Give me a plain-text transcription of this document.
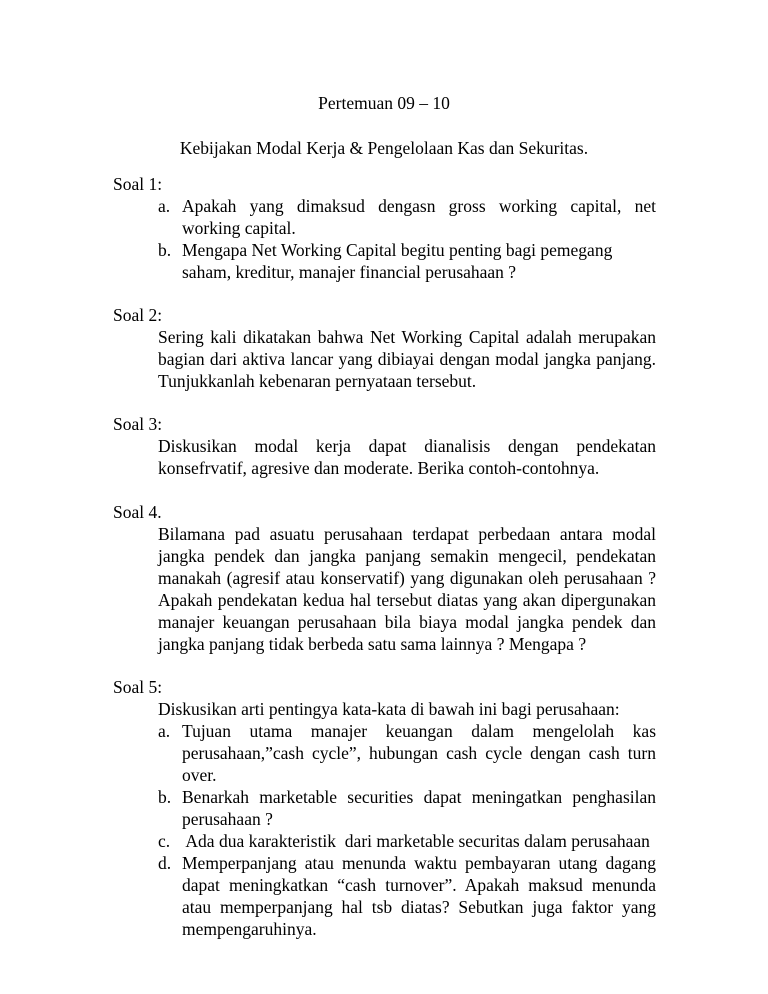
Pertemuan 09 – 10
Kebijakan Modal Kerja & Pengelolaan Kas dan Sekuritas.
Soal 1:
a. Apakah yang dimaksud dengasn gross working capital, net working capital.
b. Mengapa Net Working Capital begitu penting bagi pemegang saham, kreditur, manajer financial perusahaan ?
Soal 2:
Sering kali dikatakan bahwa Net Working Capital adalah merupakan bagian dari aktiva lancar yang dibiayai dengan modal jangka panjang. Tunjukkanlah kebenaran pernyataan tersebut.
Soal 3:
Diskusikan modal kerja dapat dianalisis dengan pendekatan konsefrvatif, agresive dan moderate. Berika contoh-contohnya.
Soal 4.
Bilamana pad asuatu perusahaan terdapat perbedaan antara modal jangka pendek dan jangka panjang semakin mengecil, pendekatan manakah (agresif atau konservatif) yang digunakan oleh perusahaan ? Apakah pendekatan kedua hal tersebut diatas yang akan dipergunakan manajer keuangan perusahaan bila biaya modal jangka pendek dan jangka panjang tidak berbeda satu sama lainnya ? Mengapa ?
Soal 5:
Diskusikan arti pentingya kata-kata di bawah ini bagi perusahaan:
a. Tujuan utama manajer keuangan dalam mengelolah kas perusahaan,”cash cycle”, hubungan cash cycle dengan cash turn over.
b. Benarkah marketable securities dapat meningatkan penghasilan perusahaan ?
c. Ada dua karakteristik  dari marketable securitas dalam perusahaan
d. Memperpanjang atau menunda waktu pembayaran utang dagang dapat meningkatkan “cash turnover”. Apakah maksud menunda atau memperpanjang hal tsb diatas? Sebutkan juga faktor yang mempengaruhinya.
